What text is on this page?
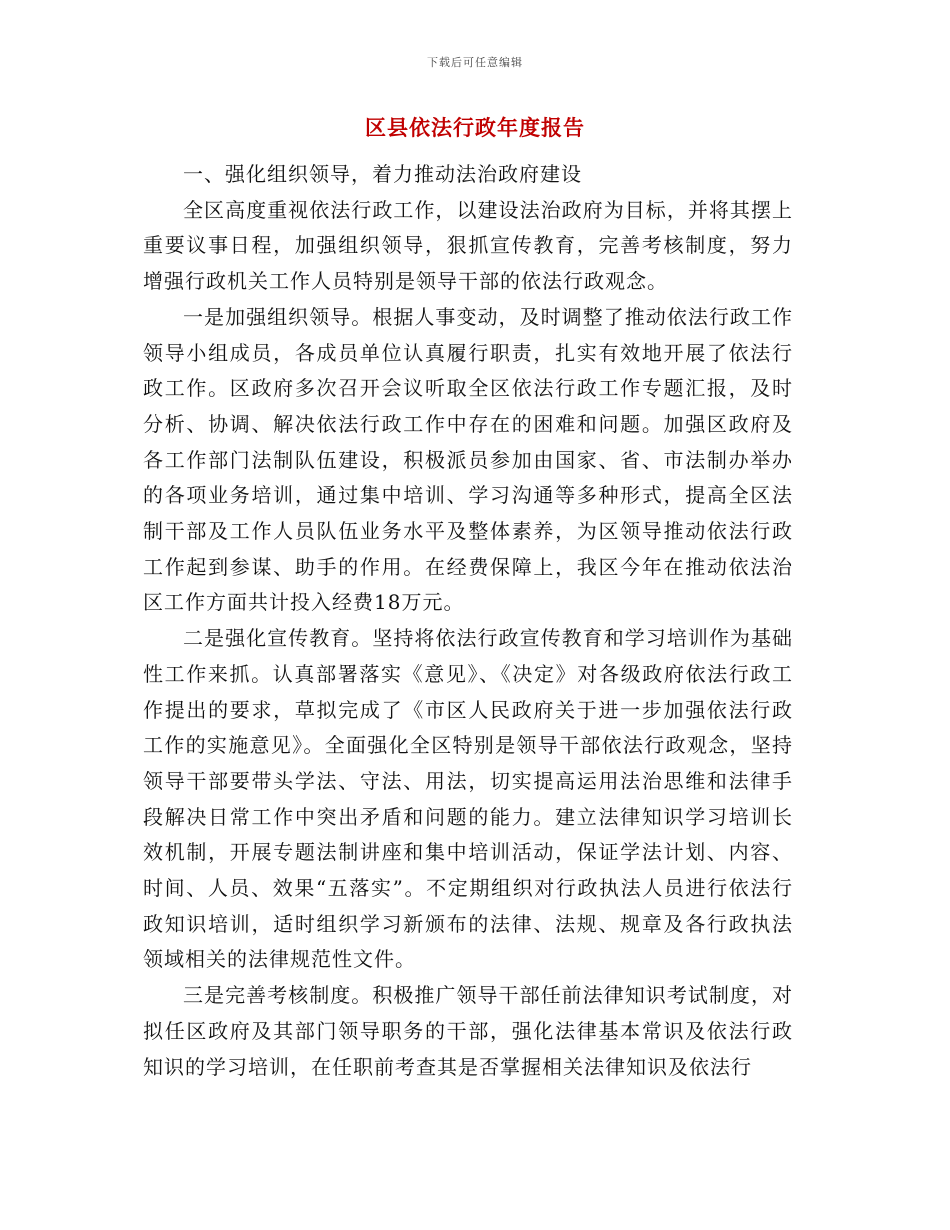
下载后可任意编辑
区县依法行政年度报告

一、强化组织领导，着力推动法治政府建设

全区高度重视依法行政工作，以建设法治政府为目标，并将其摆上重要议事日程，加强组织领导，狠抓宣传教育，完善考核制度，努力增强行政机关工作人员特别是领导干部的依法行政观念。

一是加强组织领导。根据人事变动，及时调整了推动依法行政工作领导小组成员，各成员单位认真履行职责，扎实有效地开展了依法行政工作。区政府多次召开会议听取全区依法行政工作专题汇报，及时分析、协调、解决依法行政工作中存在的困难和问题。加强区政府及各工作部门法制队伍建设，积极派员参加由国家、省、市法制办举办的各项业务培训，通过集中培训、学习沟通等多种形式，提高全区法制干部及工作人员队伍业务水平及整体素养，为区领导推动依法行政工作起到参谋、助手的作用。在经费保障上，我区今年在推动依法治区工作方面共计投入经费18万元。

二是强化宣传教育。坚持将依法行政宣传教育和学习培训作为基础性工作来抓。认真部署落实《意见》、《决定》对各级政府依法行政工作提出的要求，草拟完成了《市区人民政府关于进一步加强依法行政工作的实施意见》。全面强化全区特别是领导干部依法行政观念，坚持领导干部要带头学法、守法、用法，切实提高运用法治思维和法律手段解决日常工作中突出矛盾和问题的能力。建立法律知识学习培训长效机制，开展专题法制讲座和集中培训活动，保证学法计划、内容、时间、人员、效果“五落实”。不定期组织对行政执法人员进行依法行政知识培训，适时组织学习新颁布的法律、法规、规章及各行政执法领域相关的法律规范性文件。

三是完善考核制度。积极推广领导干部任前法律知识考试制度，对拟任区政府及其部门领导职务的干部，强化法律基本常识及依法行政知识的学习培训，在任职前考查其是否掌握相关法律知识及依法行
